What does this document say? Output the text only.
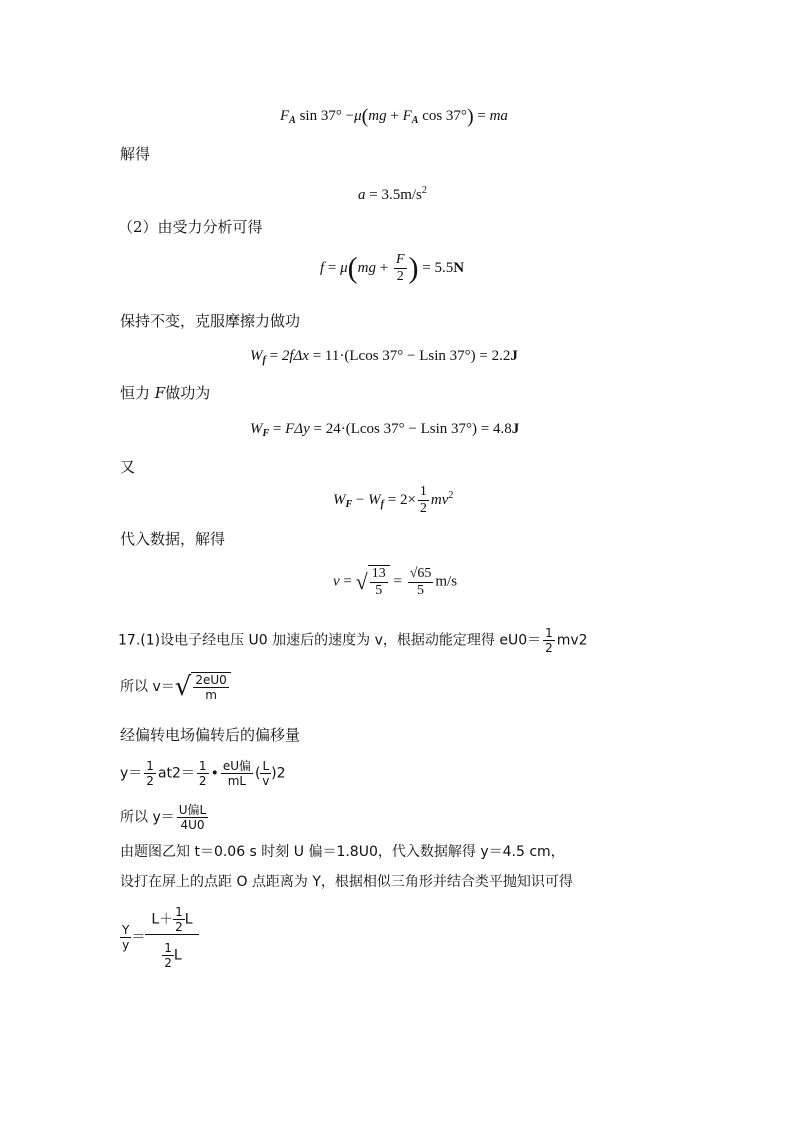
$F_A$ $\sin 37^\circ -\mu(mg + F_A$ cos 37°) = ma
解得
$a = 3.5m/s^2$
（2）由受力分析可得
$f = \mu(mg + \frac{F}{2}$ ) = 5.5N
保持不变，克服摩擦力做功
$W_f = 2f\Delta x = 11\cdot(Lcos$ 37° − Lsin 37°) = 2.2J
恒力 F做功为
$W_F = F\Delta y = 24\cdot(Lcos$ 37° − Lsin 37°) = 4.8J
又
$W_F - W_f = 2\times \frac{1}{2} mv^2$
代入数据，解得
v = √ $\frac{13}{5} = \frac{√65}{5} m/s$
17.(1)设电子经电压 U0 加速后的速度为 v，根据动能定理得 $eU0= \frac{1}{2} mv2$
所以 $v=√ \frac{2eU0}{m}$
经偏转电场偏转后的偏移量
$y= \frac{1}{2} at2= \frac{1}{2}$ • $\frac{\text{eU偏}}{mL}$ ( $\frac{L}{v} )2$
所以 $y= \frac{\text{U偏L}}{4U0}$
由题图乙知 t＝0.06 s 时刻 U 偏＝1.8U0，代入数据解得 y＝4.5 cm，
设打在屏上的点距 O 点距离为 Y，根据相似三角形并结合类平抛知识可得
$\frac{Y}{y} = \frac{L+ \frac{1}{2} L}{\frac{1}{2} L}$
